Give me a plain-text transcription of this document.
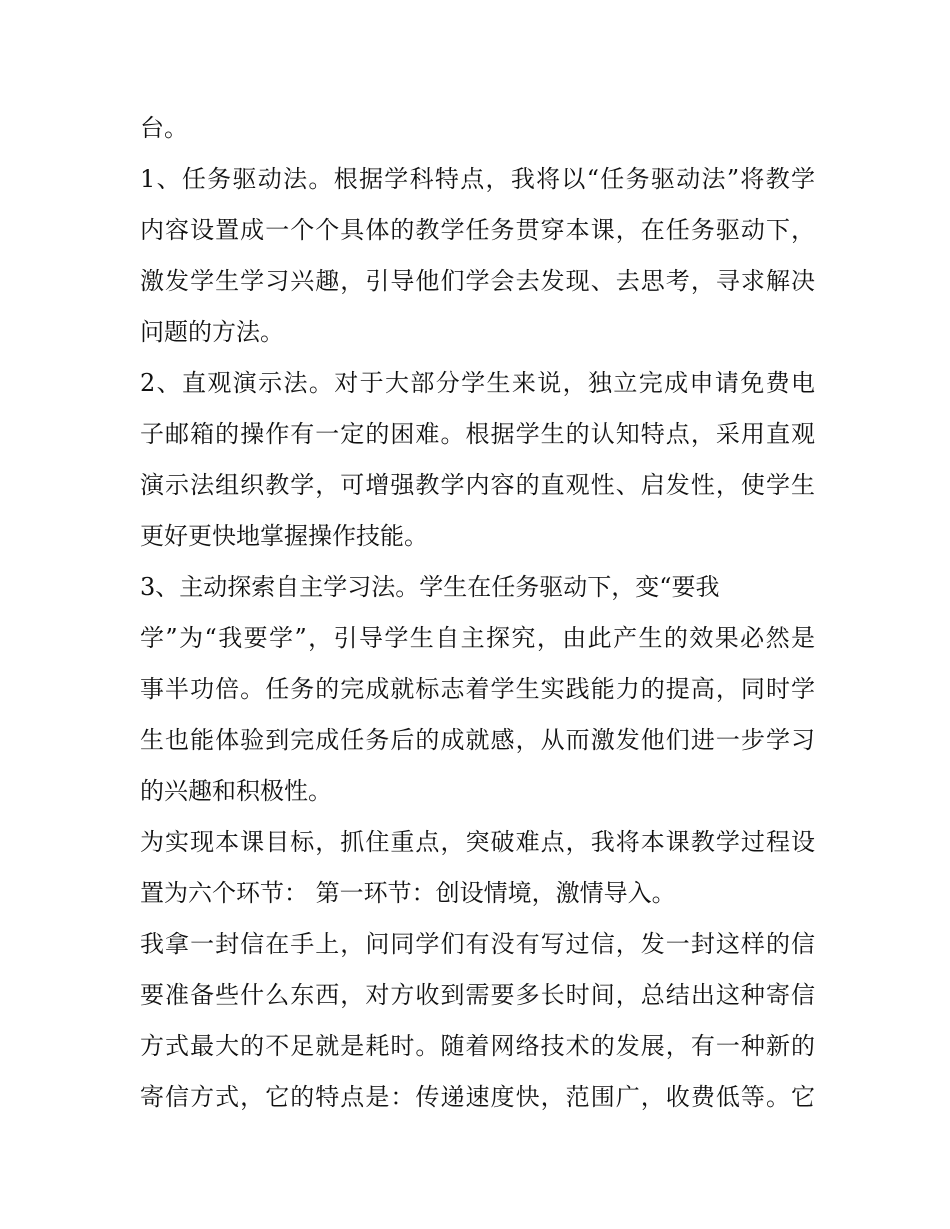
台。
1、任务驱动法。根据学科特点，我将以“任务驱动法”将教学
内容设置成一个个具体的教学任务贯穿本课，在任务驱动下，
激发学生学习兴趣，引导他们学会去发现、去思考，寻求解决
问题的方法。
2、直观演示法。对于大部分学生来说，独立完成申请免费电
子邮箱的操作有一定的困难。根据学生的认知特点，采用直观
演示法组织教学，可增强教学内容的直观性、启发性，使学生
更好更快地掌握操作技能。
3、主动探索自主学习法。学生在任务驱动下，变“要我
学”为“我要学”，引导学生自主探究，由此产生的效果必然是
事半功倍。任务的完成就标志着学生实践能力的提高，同时学
生也能体验到完成任务后的成就感，从而激发他们进一步学习
的兴趣和积极性。
为实现本课目标，抓住重点，突破难点，我将本课教学过程设
置为六个环节： 第一环节：创设情境，激情导入。
我拿一封信在手上，问同学们有没有写过信，发一封这样的信
要准备些什么东西，对方收到需要多长时间，总结出这种寄信
方式最大的不足就是耗时。随着网络技术的发展，有一种新的
寄信方式，它的特点是：传递速度快，范围广，收费低等。它
